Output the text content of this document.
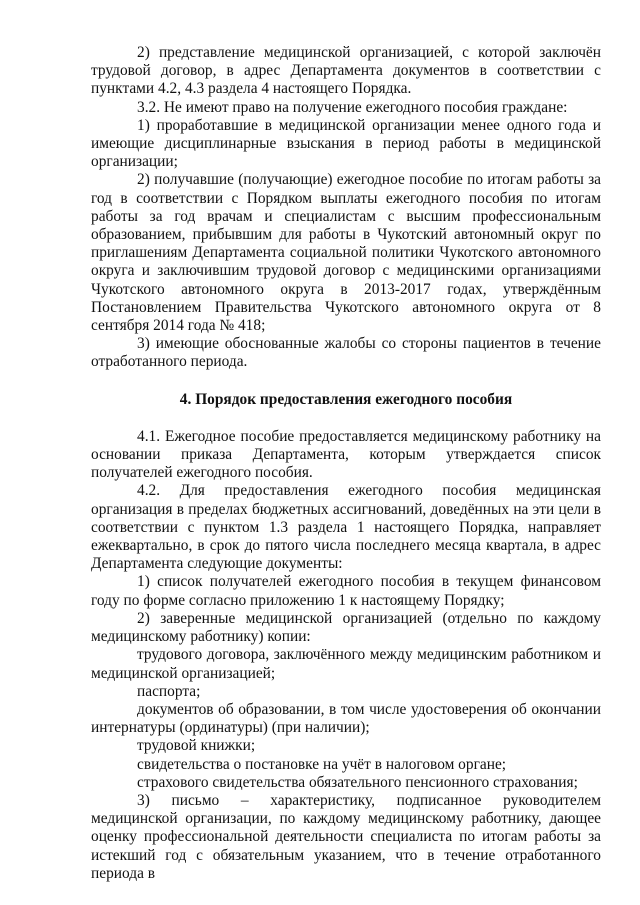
2) представление медицинской организацией, с которой заключён трудовой договор, в адрес Департамента документов в соответствии с пунктами 4.2, 4.3 раздела 4 настоящего Порядка.

3.2. Не имеют право на получение ежегодного пособия граждане:

1) проработавшие в медицинской организации менее одного года и имеющие дисциплинарные взыскания в период работы в медицинской организации;

2) получавшие (получающие) ежегодное пособие по итогам работы за год в соответствии с Порядком выплаты ежегодного пособия по итогам работы за год врачам и специалистам с высшим профессиональным образованием, прибывшим для работы в Чукотский автономный округ по приглашениям Департамента социальной политики Чукотского автономного округа и заключившим трудовой договор с медицинскими организациями Чукотского автономного округа в 2013-2017 годах, утверждённым Постановлением Правительства Чукотского автономного округа от 8 сентября 2014 года № 418;

3) имеющие обоснованные жалобы со стороны пациентов в течение отработанного периода.

4. Порядок предоставления ежегодного пособия

4.1. Ежегодное пособие предоставляется медицинскому работнику на основании приказа Департамента, которым утверждается список получателей ежегодного пособия.

4.2. Для предоставления ежегодного пособия медицинская организация в пределах бюджетных ассигнований, доведённых на эти цели в соответствии с пунктом 1.3 раздела 1 настоящего Порядка, направляет ежеквартально, в срок до пятого числа последнего месяца квартала, в адрес Департамента следующие документы:

1) список получателей ежегодного пособия в текущем финансовом году по форме согласно приложению 1 к настоящему Порядку;

2) заверенные медицинской организацией (отдельно по каждому медицинскому работнику) копии:

трудового договора, заключённого между медицинским работником и медицинской организацией;

паспорта;

документов об образовании, в том числе удостоверения об окончании интернатуры (ординатуры) (при наличии);

трудовой книжки;

свидетельства о постановке на учёт в налоговом органе;

страхового свидетельства обязательного пенсионного страхования;

3) письмо – характеристику, подписанное руководителем медицинской организации, по каждому медицинскому работнику, дающее оценку профессиональной деятельности специалиста по итогам работы за истекший год с обязательным указанием, что в течение отработанного периода в
